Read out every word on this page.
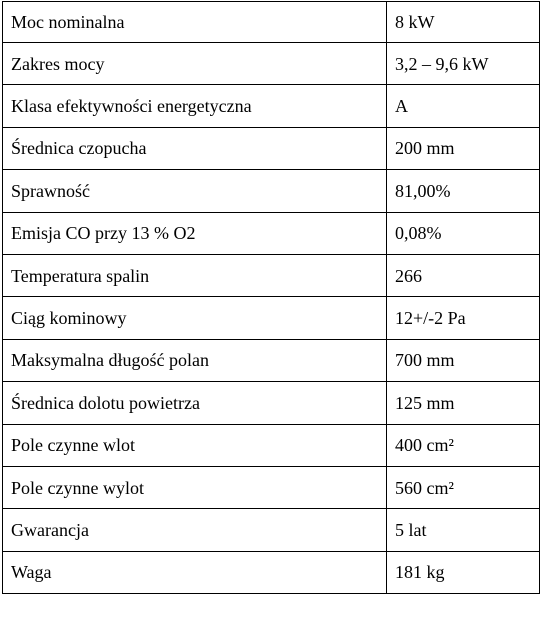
Moc nominalna	8 kW
Zakres mocy	3,2 – 9,6 kW
Klasa efektywności energetyczna	A
Średnica czopucha	200 mm
Sprawność	81,00%
Emisja CO przy 13 % O2	0,08%
Temperatura spalin	266
Ciąg kominowy	12+/-2 Pa
Maksymalna długość polan	700 mm
Średnica dolotu powietrza	125 mm
Pole czynne wlot	400 cm²
Pole czynne wylot	560 cm²
Gwarancja	5 lat
Waga	181 kg
